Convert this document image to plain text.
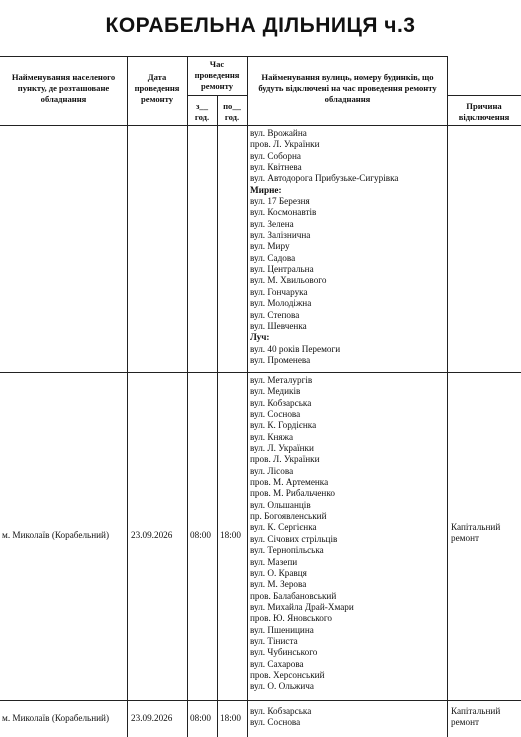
КОРАБЕЛЬНА ДІЛЬНИЦЯ ч.3
Найменування населеного пункту, де розташоване обладнання
Дата проведення ремонту
Час проведення ремонту
з__ год.
по__ год.
Найменування вулиць, номеру будинків, що будуть відключені на час проведення ремонту обладнання
Причина відключення
вул. Врожайна
пров. Л. Українки
вул. Соборна
вул. Квітнева
вул. Автодорога Прибузьке-Сигурівка
Мирне:
вул. 17 Березня
вул. Космонавтів
вул. Зелена
вул. Залізнична
вул. Миру
вул. Садова
вул. Центральна
вул. М. Хвильового
вул. Гончарука
вул. Молодіжна
вул. Степова
вул. Шевченка
Луч:
вул. 40 років Перемоги
вул. Променева
м. Миколаїв (Корабельний) 23.09.2026 08:00 18:00
Капітальний ремонт
вул. Металургів
вул. Медиків
вул. Кобзарська
вул. Соснова
вул. К. Гордієнка
вул. Княжа
вул. Л. Українки
пров. Л. Українки
вул. Лісова
пров. М. Артеменка
пров. М. Рибальченко
вул. Ольшанців
пр. Богоявленський
вул. К. Сергієнка
вул. Січових стрільців
вул. Тернопільська
вул. Мазепи
вул. О. Кравця
вул. М. Зерова
пров. Балабановський
вул. Михайла Драй-Хмари
пров. Ю. Яновського
вул. Пшеницина
вул. Тіниста
вул. Чубинського
вул. Сахарова
пров. Херсонський
вул. О. Ольжича
м. Миколаїв (Корабельний) 23.09.2026 08:00 18:00
Капітальний ремонт
вул. Кобзарська
вул. Соснова
